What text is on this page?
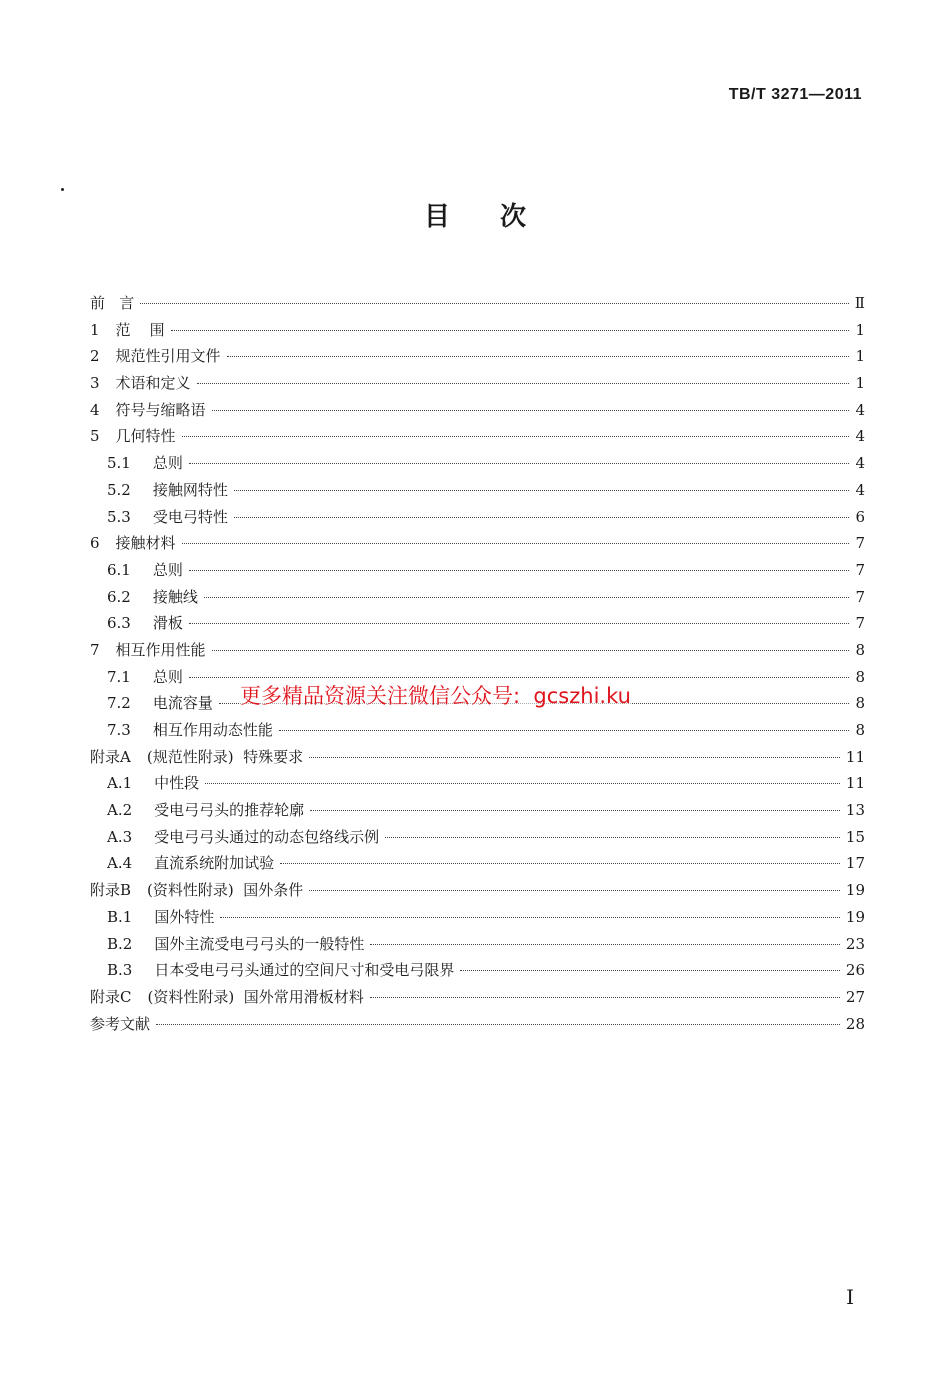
TB/T 3271—2011
目 次
前   言	Ⅱ
1 范    围	1
2 规范性引用文件	1
3 术语和定义	1
4 符号与缩略语	4
5 几何特性	4
5.1 总则	4
5.2 接触网特性	4
5.3 受电弓特性	6
6 接触材料	7
6.1 总则	7
6.2 接触线	7
6.3 滑板	7
7 相互作用性能	8
7.1 总则	8
7.2 电流容量	8
7.3 相互作用动态性能	8
附录A (规范性附录)  特殊要求	11
A.1 中性段	11
A.2 受电弓弓头的推荐轮廓	13
A.3 受电弓弓头通过的动态包络线示例	15
A.4 直流系统附加试验	17
附录B (资料性附录)  国外条件	19
B.1 国外特性	19
B.2 国外主流受电弓弓头的一般特性	23
B.3 日本受电弓弓头通过的空间尺寸和受电弓限界	26
附录C (资料性附录)  国外常用滑板材料	27
参考文献	28
更多精品资源关注微信公众号:  gcszhi.ku
I
